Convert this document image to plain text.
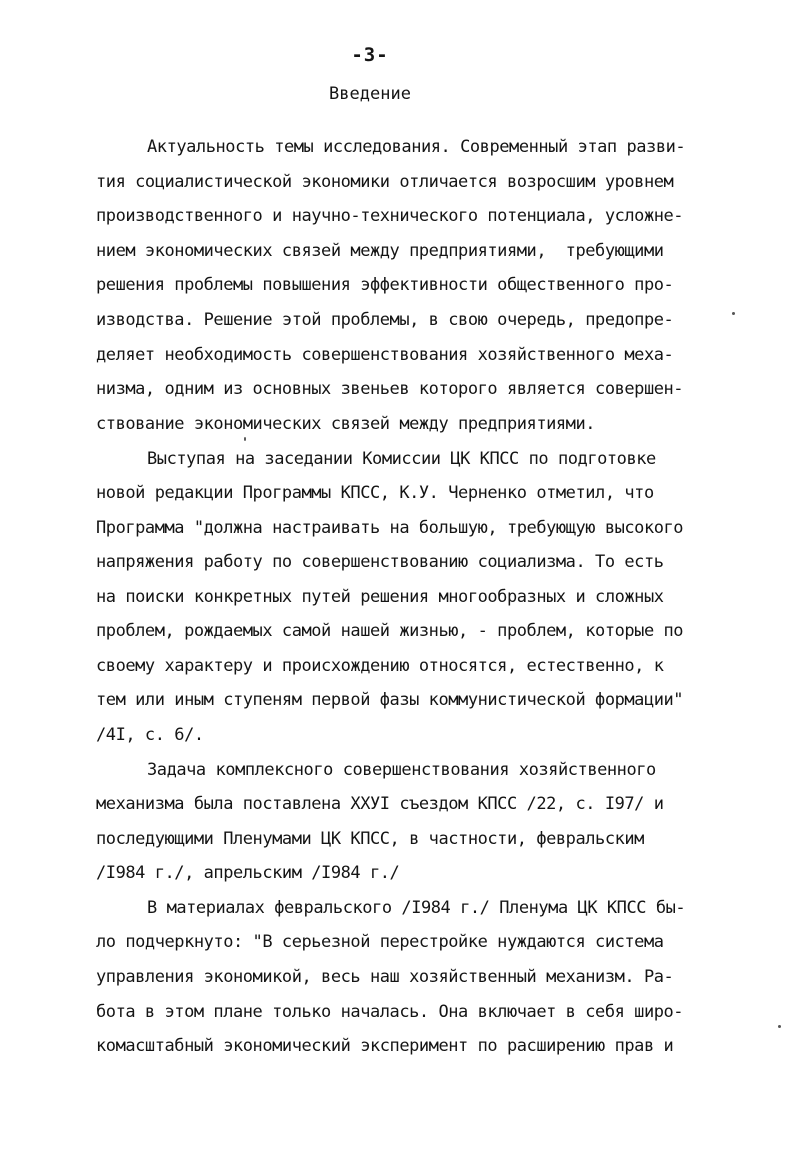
-3-
Введение
Актуальность темы исследования. Современный этап разви-
тия социалистической экономики отличается возросшим уровнем
производственного и научно-технического потенциала, усложне-
нием экономических связей между предприятиями,  требующими
решения проблемы повышения эффективности общественного про-
изводства. Решение этой проблемы, в свою очередь, предопре-
деляет необходимость совершенствования хозяйственного меха-
низма, одним из основных звеньев которого является совершен-
ствование экономических связей между предприятиями.
Выступая на заседании Комиссии ЦК КПСС по подготовке
новой редакции Программы КПСС, К.У. Черненко отметил, что
Программа "должна настраивать на большую, требующую высокого
напряжения работу по совершенствованию социализма. То есть
на поиски конкретных путей решения многообразных и сложных
проблем, рождаемых самой нашей жизнью, - проблем, которые по
своему характеру и происхождению относятся, естественно, к
тем или иным ступеням первой фазы коммунистической формации"
/4I, с. 6/.
Задача комплексного совершенствования хозяйственного
механизма была поставлена XXУI съездом КПСС /22, с. I97/ и
последующими Пленумами ЦК КПСС, в частности, февральским
/I984 г./, апрельским /I984 г./
В материалах февральского /I984 г./ Пленума ЦК КПСС бы-
ло подчеркнуто: "В серьезной перестройке нуждаются система
управления экономикой, весь наш хозяйственный механизм. Ра-
бота в этом плане только началась. Она включает в себя широ-
комасштабный экономический эксперимент по расширению прав и
